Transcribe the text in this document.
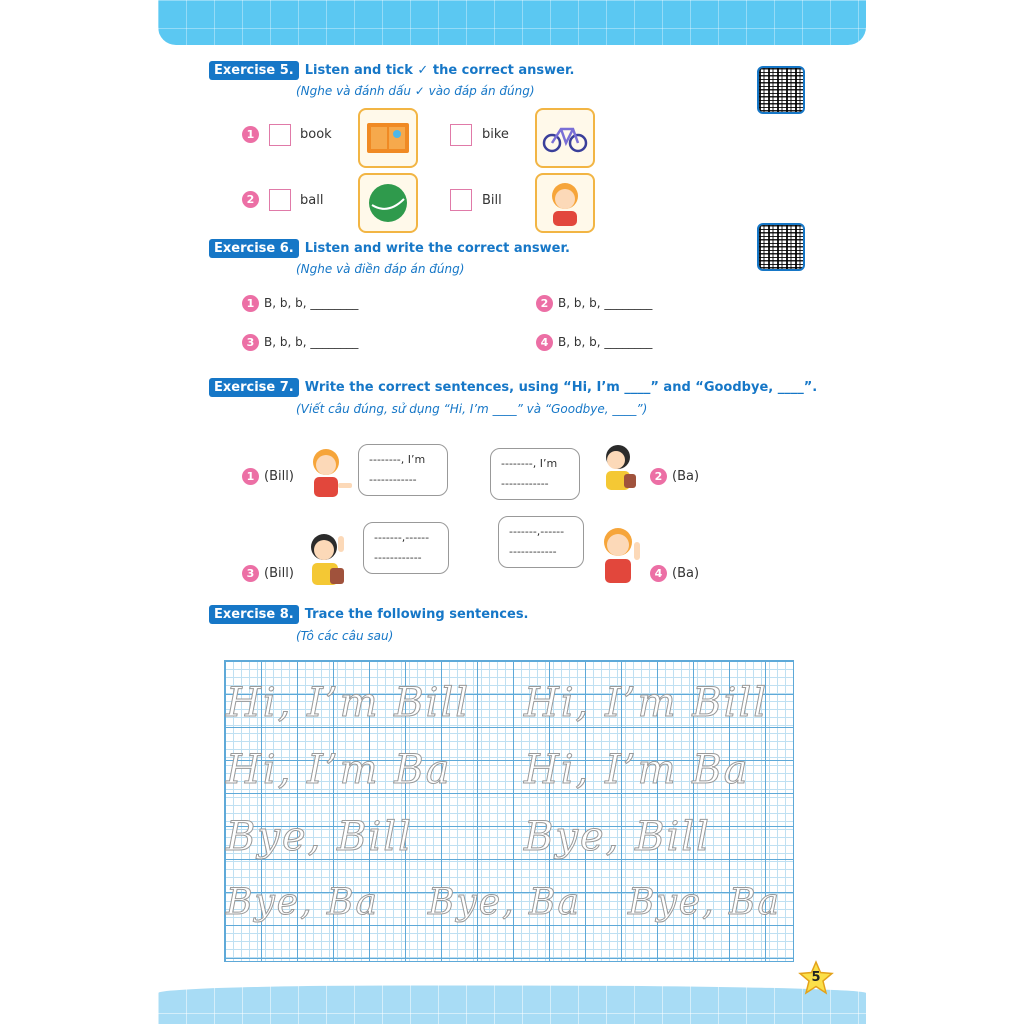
Exercise 5. Listen and tick ✓ the correct answer.
(Nghe và đánh dấu ✓ vào đáp án đúng)
1	book	bike
2	ball	Bill
Exercise 6. Listen and write the correct answer.
(Nghe và điền đáp án đúng)
1 B, b, b, ________	2 B, b, b, ________
3 B, b, b, ________	4 B, b, b, ________
Exercise 7. Write the correct sentences, using “Hi, I’m ____” and “Goodbye, ____”.
(Viết câu đúng, sử dụng “Hi, I’m ____” và “Goodbye, ____”)
1 (Bill)
--------, I’m
------------
--------, I’m
------------
2 (Ba)
3 (Bill)
-------,------
------------
-------,------
------------
4 (Ba)
Exercise 8. Trace the following sentences.
(Tô các câu sau)
Hi, I’m Bill Hi, I’m Bill
Hi, I’m Ba Hi, I’m Ba
Bye, Bill	Bye, Bill
Bye, Ba Bye, Ba Bye, Ba
5
